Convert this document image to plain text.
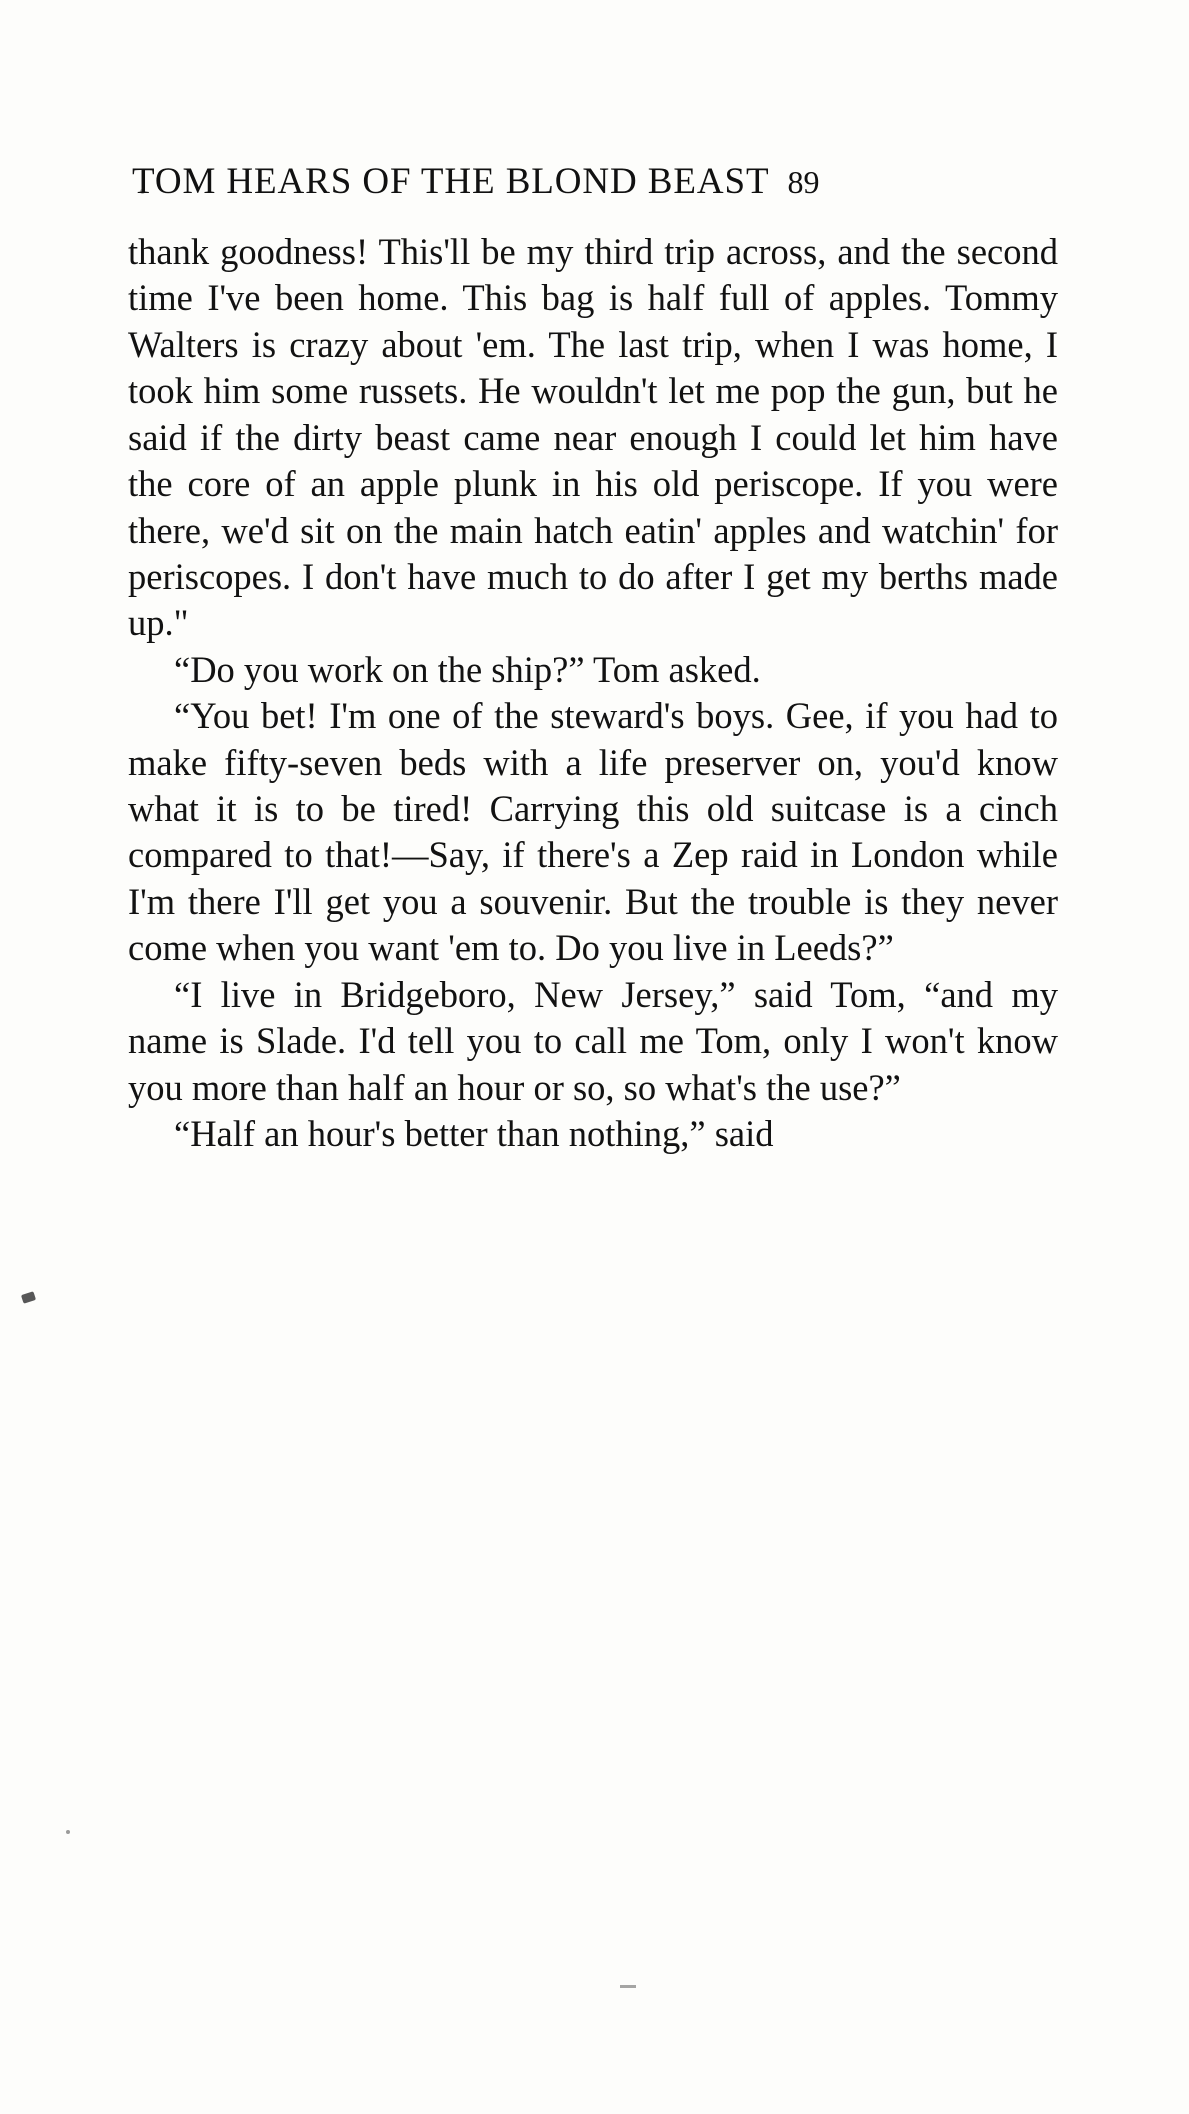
TOM HEARS OF THE BLOND BEAST 89

thank goodness! This'll be my third trip across, and the second time I've been home. This bag is half full of apples. Tommy Walters is crazy about 'em. The last trip, when I was home, I took him some russets. He wouldn't let me pop the gun, but he said if the dirty beast came near enough I could let him have the core of an apple plunk in his old periscope. If you were there, we'd sit on the main hatch eatin' apples and watchin' for periscopes. I don't have much to do after I get my berths made up."

“Do you work on the ship?” Tom asked.

“You bet! I'm one of the steward's boys. Gee, if you had to make fifty-seven beds with a life preserver on, you'd know what it is to be tired! Carrying this old suitcase is a cinch compared to that!—Say, if there's a Zep raid in London while I'm there I'll get you a souvenir. But the trouble is they never come when you want 'em to. Do you live in Leeds?”

“I live in Bridgeboro, New Jersey,” said Tom, “and my name is Slade. I'd tell you to call me Tom, only I won't know you more than half an hour or so, so what's the use?”

“Half an hour's better than nothing,” said
